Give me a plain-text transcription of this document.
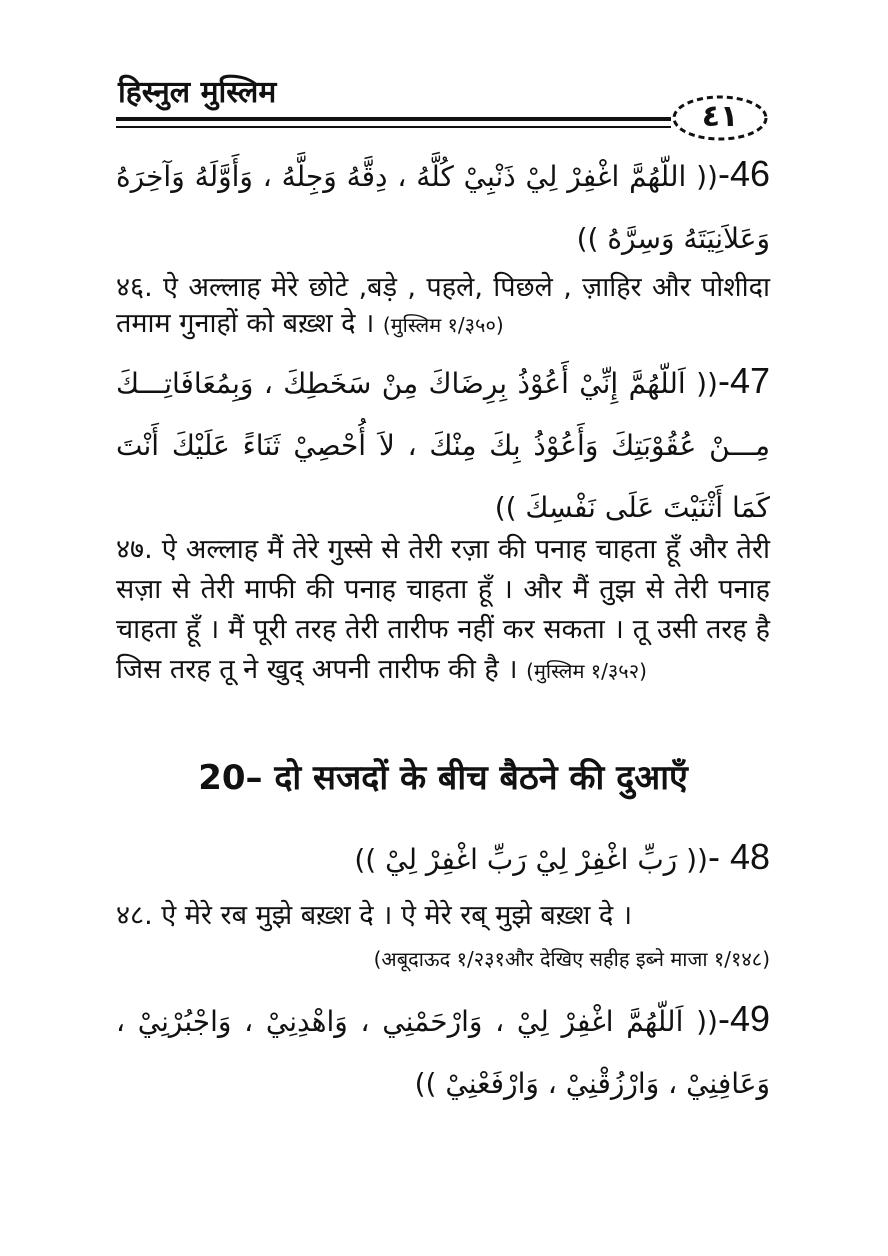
हिस्नुल मुस्लिम
٤١
46-(( اللّهُمَّ اغْفِرْ لِيْ ذَنْبِيْ كُلَّهُ ، دِقَّهُ وَجِلَّهُ ، وَأَوَّلَهُ وَآخِرَهُ وَعَلاَنِيَتَهُ وَسِرَّهُ ))
४६. ऐ अल्लाह मेरे छोटे ,बड़े , पहले, पिछले , ज़ाहिर और पोशीदा तमाम गुनाहों को बख़्श दे । (मुस्लिम १/३५०)
47-(( اَللّهُمَّ إِنِّيْ أَعُوْذُ بِرِضَاكَ مِنْ سَخَطِكَ ، وَبِمُعَافَاتِـــكَ مِـــنْ عُقُوْبَتِكَ وَأَعُوْذُ بِكَ مِنْكَ ، لاَ أُحْصِيْ ثَنَاءً عَلَيْكَ أَنْتَ كَمَا أَثْنَيْتَ عَلَى نَفْسِكَ ))
४७. ऐ अल्लाह मैं तेरे गुस्से से तेरी रज़ा की पनाह चाहता हूँ और तेरी सज़ा से तेरी माफी की पनाह चाहता हूँ । और मैं तुझ से तेरी पनाह चाहता हूँ । मैं पूरी तरह तेरी तारीफ नहीं कर सकता । तू उसी तरह है जिस तरह तू ने खुद् अपनी तारीफ की है । (मुस्लिम १/३५२)
20– दो सजदों के बीच बैठने की दुआएँ
48 -(( رَبِّ اغْفِرْ لِيْ رَبِّ اغْفِرْ لِيْ ))
४८. ऐ मेरे रब मुझे बख़्श दे । ऐ मेरे रब् मुझे बख़्श दे ।
(अबूदाऊद १/२३१और देखिए सहीह इब्ने माजा १/१४८)
49-(( اَللّهُمَّ اغْفِرْ لِيْ ، وَارْحَمْنِي ، وَاهْدِنِيْ ، وَاجْبُرْنِيْ ، وَعَافِنِيْ ، وَارْزُقْنِيْ ، وَارْفَعْنِيْ ))
